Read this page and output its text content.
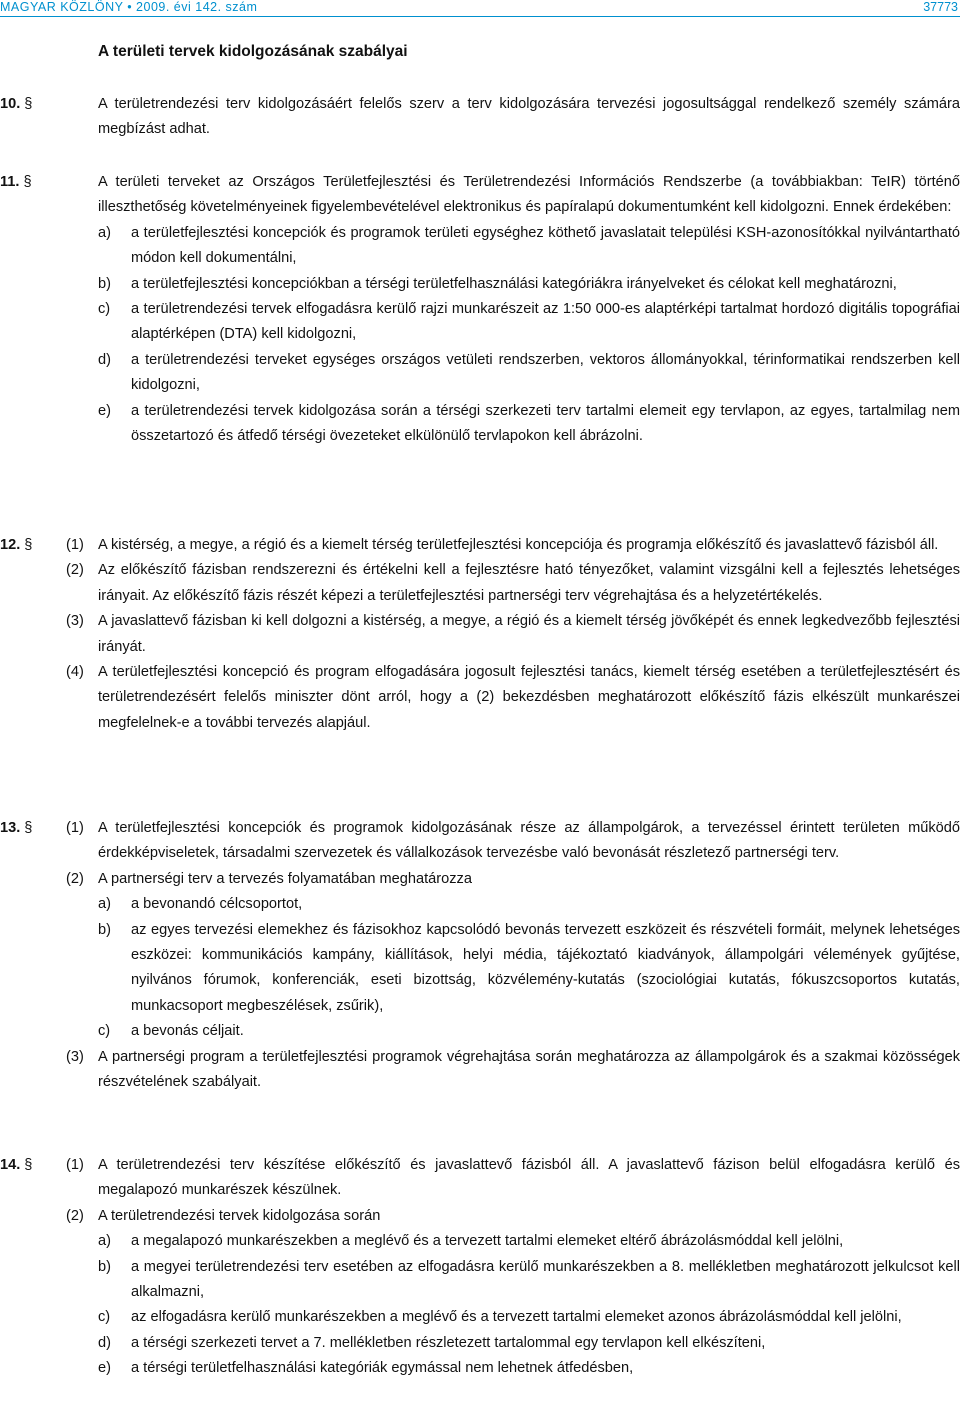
MAGYAR KÖZLÖNY • 2009. évi 142. szám	37773
A területi tervek kidolgozásának szabályai
10. §	A területrendezési terv kidolgozásáért felelős szerv a terv kidolgozására tervezési jogosultsággal rendelkező személy számára megbízást adhat.
11. §	A területi terveket az Országos Területfejlesztési és Területrendezési Információs Rendszerbe (a továbbiakban: TeIR) történő illeszthetőség követelményeinek figyelembevételével elektronikus és papíralapú dokumentumként kell kidolgozni. Ennek érdekében:
a) a területfejlesztési koncepciók és programok területi egységhez köthető javaslatait települési KSH-azonosítókkal nyilvántartható módon kell dokumentálni,
b) a területfejlesztési koncepciókban a térségi területfelhasználási kategóriákra irányelveket és célokat kell meghatározni,
c) a területrendezési tervek elfogadásra kerülő rajzi munkarészeit az 1:50 000-es alaptérképi tartalmat hordozó digitális topográfiai alaptérképen (DTA) kell kidolgozni,
d) a területrendezési terveket egységes országos vetületi rendszerben, vektoros állományokkal, térinformatikai rendszerben kell kidolgozni,
e) a területrendezési tervek kidolgozása során a térségi szerkezeti terv tartalmi elemeit egy tervlapon, az egyes, tartalmilag nem összetartozó és átfedő térségi övezeteket elkülönülő tervlapokon kell ábrázolni.
12. §	(1) A kistérség, a megye, a régió és a kiemelt térség területfejlesztési koncepciója és programja előkészítő és javaslattevő fázisból áll.
(2) Az előkészítő fázisban rendszerezni és értékelni kell a fejlesztésre ható tényezőket, valamint vizsgálni kell a fejlesztés lehetséges irányait. Az előkészítő fázis részét képezi a területfejlesztési partnerségi terv végrehajtása és a helyzetértékelés.
(3) A javaslattevő fázisban ki kell dolgozni a kistérség, a megye, a régió és a kiemelt térség jövőképét és ennek legkedvezőbb fejlesztési irányát.
(4) A területfejlesztési koncepció és program elfogadására jogosult fejlesztési tanács, kiemelt térség esetében a területfejlesztésért és területrendezésért felelős miniszter dönt arról, hogy a (2) bekezdésben meghatározott előkészítő fázis elkészült munkarészei megfelelnek-e a további tervezés alapjául.
13. §	(1) A területfejlesztési koncepciók és programok kidolgozásának része az állampolgárok, a tervezéssel érintett területen működő érdekképviseletek, társadalmi szervezetek és vállalkozások tervezésbe való bevonását részletező partnerségi terv.
(2) A partnerségi terv a tervezés folyamatában meghatározza
a) a bevonandó célcsoportot,
b) az egyes tervezési elemekhez és fázisokhoz kapcsolódó bevonás tervezett eszközeit és részvételi formáit, melynek lehetséges eszközei: kommunikációs kampány, kiállítások, helyi média, tájékoztató kiadványok, állampolgári vélemények gyűjtése, nyilvános fórumok, konferenciák, eseti bizottság, közvélemény-kutatás (szociológiai kutatás, fókuszcsoportos kutatás, munkacsoport megbeszélések, zsűrik),
c) a bevonás céljait.
(3) A partnerségi program a területfejlesztési programok végrehajtása során meghatározza az állampolgárok és a szakmai közösségek részvételének szabályait.
14. §	(1) A területrendezési terv készítése előkészítő és javaslattevő fázisból áll. A javaslattevő fázison belül elfogadásra kerülő és megalapozó munkarészek készülnek.
(2) A területrendezési tervek kidolgozása során
a) a megalapozó munkarészekben a meglévő és a tervezett tartalmi elemeket eltérő ábrázolásmóddal kell jelölni,
b) a megyei területrendezési terv esetében az elfogadásra kerülő munkarészekben a 8. mellékletben meghatározott jelkulcsot kell alkalmazni,
c) az elfogadásra kerülő munkarészekben a meglévő és a tervezett tartalmi elemeket azonos ábrázolásmóddal kell jelölni,
d) a térségi szerkezeti tervet a 7. mellékletben részletezett tartalommal egy tervlapon kell elkészíteni,
e) a térségi területfelhasználási kategóriák egymással nem lehetnek átfedésben,
